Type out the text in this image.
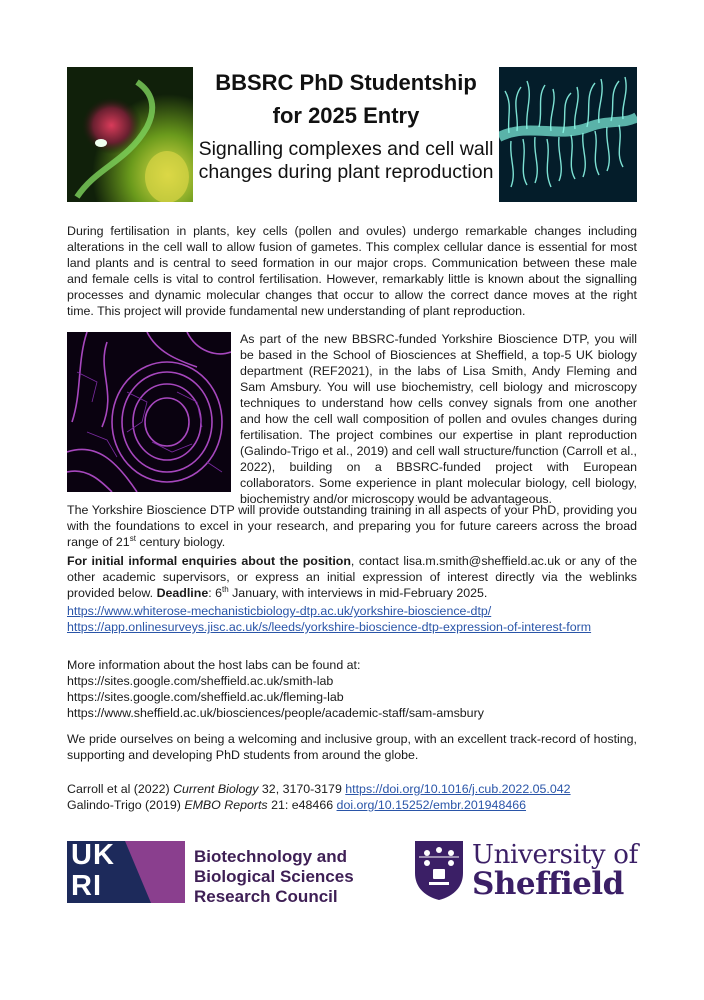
BBSRC PhD Studentship
for 2025 Entry
Signalling complexes and cell wall changes during plant reproduction
During fertilisation in plants, key cells (pollen and ovules) undergo remarkable changes including alterations in the cell wall to allow fusion of gametes. This complex cellular dance is essential for most land plants and is central to seed formation in our major crops. Communication between these male and female cells is vital to control fertilisation. However, remarkably little is known about the signalling processes and dynamic molecular changes that occur to allow the correct dance moves at the right time. This project will provide fundamental new understanding of plant reproduction.
As part of the new BBSRC-funded Yorkshire Bioscience DTP, you will be based in the School of Biosciences at Sheffield, a top-5 UK biology department (REF2021), in the labs of Lisa Smith, Andy Fleming and Sam Amsbury. You will use biochemistry, cell biology and microscopy techniques to understand how cells convey signals from one another and how the cell wall composition of pollen and ovules changes during fertilisation. The project combines our expertise in plant reproduction (Galindo-Trigo et al., 2019) and cell wall structure/function (Carroll et al., 2022), building on a BBSRC-funded project with European collaborators. Some experience in plant molecular biology, cell biology, biochemistry and/or microscopy would be advantageous.
The Yorkshire Bioscience DTP will provide outstanding training in all aspects of your PhD, providing you with the foundations to excel in your research, and preparing you for future careers across the broad range of 21st century biology.
For initial informal enquiries about the position, contact lisa.m.smith@sheffield.ac.uk or any of the other academic supervisors, or express an initial expression of interest directly via the weblinks provided below. Deadline: 6th January, with interviews in mid-February 2025.
https://www.whiterose-mechanisticbiology-dtp.ac.uk/yorkshire-bioscience-dtp/
https://app.onlinesurveys.jisc.ac.uk/s/leeds/yorkshire-bioscience-dtp-expression-of-interest-form
More information about the host labs can be found at:
https://sites.google.com/sheffield.ac.uk/smith-lab
https://sites.google.com/sheffield.ac.uk/fleming-lab
https://www.sheffield.ac.uk/biosciences/people/academic-staff/sam-amsbury
We pride ourselves on being a welcoming and inclusive group, with an excellent track-record of hosting, supporting and developing PhD students from around the globe.
Carroll et al (2022) Current Biology 32, 3170-3179 https://doi.org/10.1016/j.cub.2022.05.042
Galindo-Trigo (2019) EMBO Reports 21: e48466 doi.org/10.15252/embr.201948466
UK
RI
Biotechnology and
Biological Sciences
Research Council
University of
Sheffield
